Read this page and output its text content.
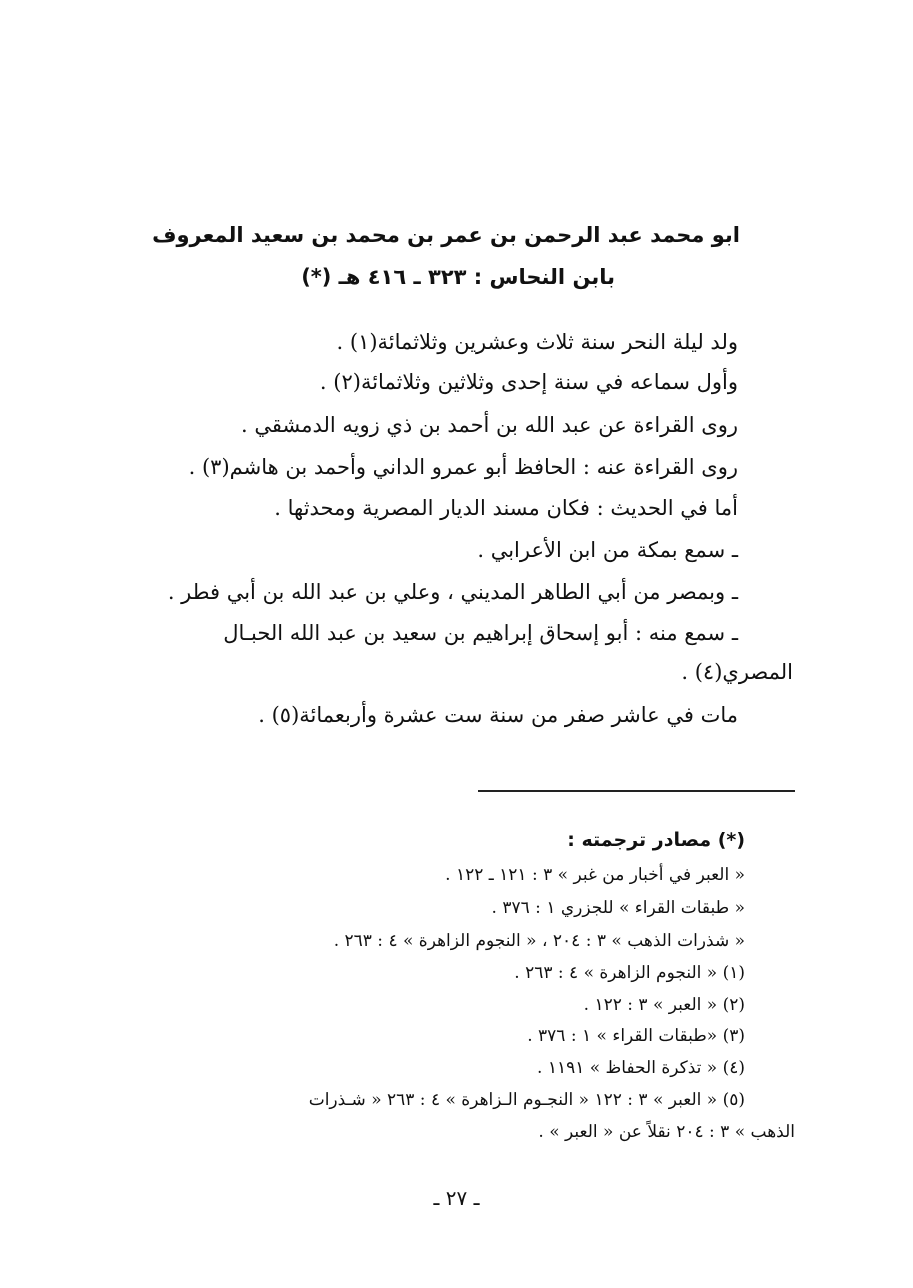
ابو محمد عبد الرحمن بن عمر بن محمد بن سعيد المعروف
بابن النحاس : ٣٢٣ ـ ٤١٦ هـ (*)
ولد ليلة النحر سنة ثلاث وعشرين وثلاثمائة(١) .
وأول سماعه في سنة إحدى وثلاثين وثلاثمائة(٢) .
روى القراءة عن عبد الله بن أحمد بن ذي زويه الدمشقي .
روى القراءة عنه : الحافظ أبو عمرو الداني وأحمد بن هاشم(٣) .
أما في الحديث : فكان مسند الديار المصرية ومحدثها .
ـ سمع بمكة من ابن الأعرابي .
ـ وبمصر من أبي الطاهر المديني ، وعلي بن عبد الله بن أبي فطر .
ـ سمع منه : أبو إسحاق إبراهيم بن سعيد بن عبد الله الحبـال
المصري(٤) .
مات في عاشر صفر من سنة ست عشرة وأربعمائة(٥) .
(*) مصادر ترجمته :
« العبر في أخبار من غبر » ٣ : ١٢١ ـ ١٢٢ .
« طبقات القراء » للجزري ١ : ٣٧٦ .
« شذرات الذهب » ٣ : ٢٠٤ ، « النجوم الزاهرة » ٤ : ٢٦٣ .
(١) « النجوم الزاهرة » ٤ : ٢٦٣ .
(٢) « العبر » ٣ : ١٢٢ .
(٣) «طبقات القراء » ١ : ٣٧٦ .
(٤) « تذكرة الحفاظ » ١١٩١ .
(٥) « العبر » ٣ : ١٢٢ « النجـوم الـزاهرة » ٤ : ٢٦٣ « شـذرات
الذهب » ٣ : ٢٠٤ نقلاً عن « العبر » .
ـ ٢٧ ـ
